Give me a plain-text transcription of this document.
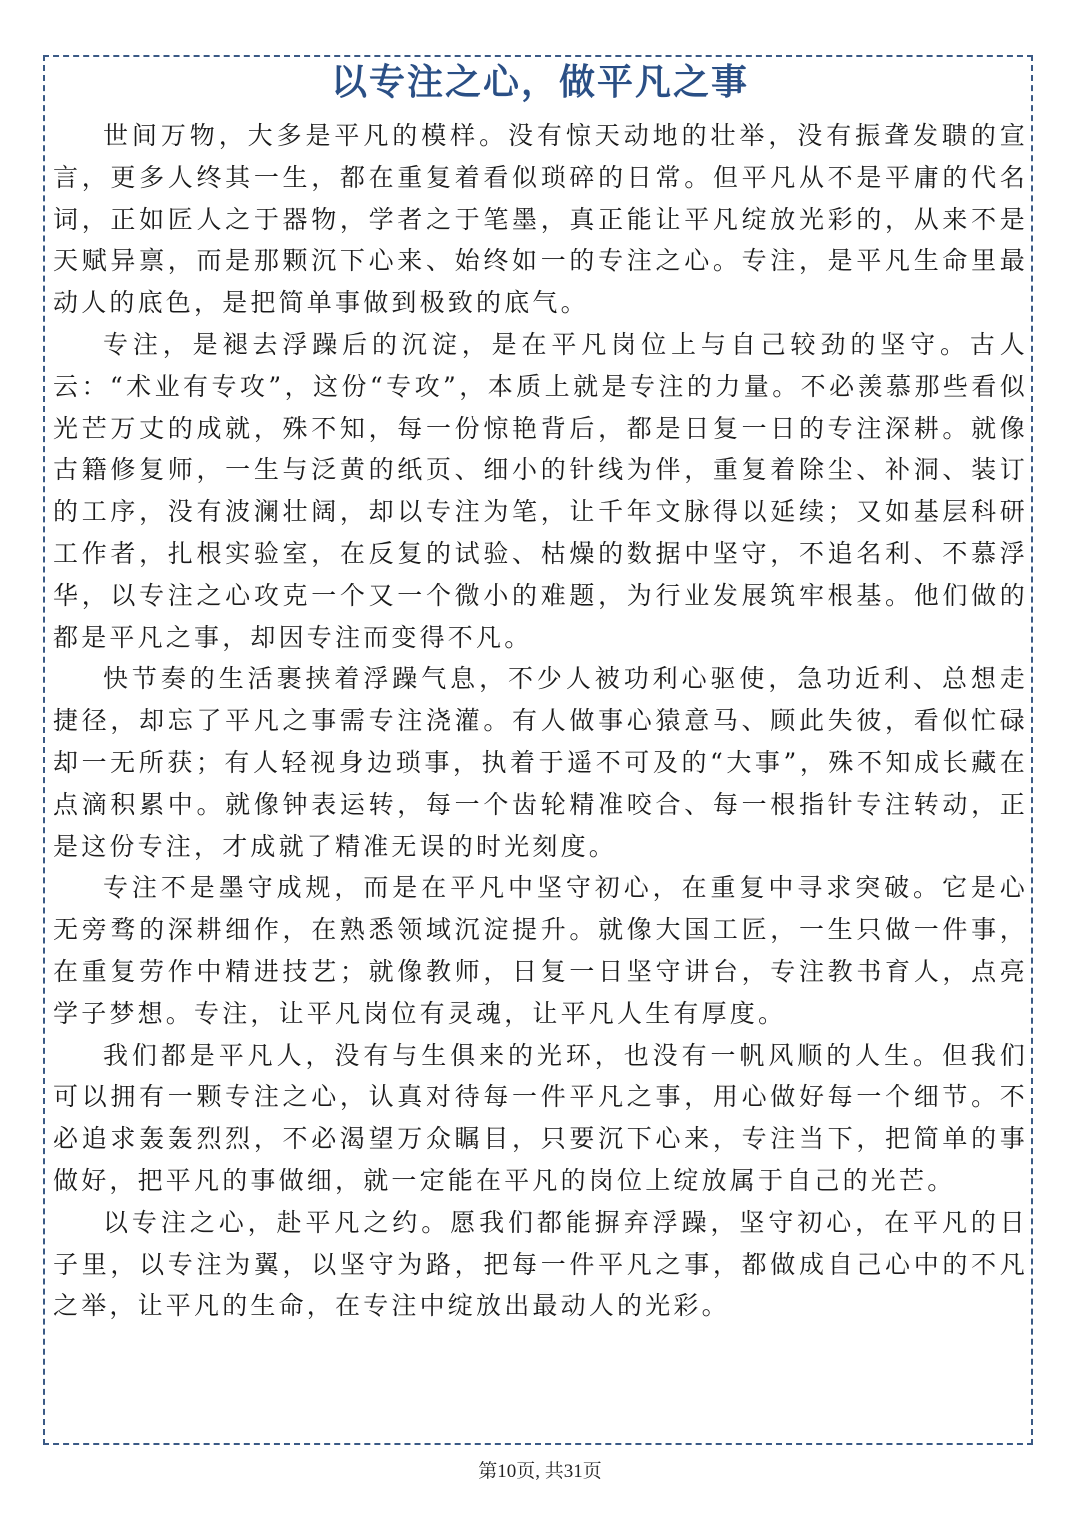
以专注之心，做平凡之事

世间万物，大多是平凡的模样。没有惊天动地的壮举，没有振聋发聩的宣言，更多人终其一生，都在重复着看似琐碎的日常。但平凡从不是平庸的代名词，正如匠人之于器物，学者之于笔墨，真正能让平凡绽放光彩的，从来不是天赋异禀，而是那颗沉下心来、始终如一的专注之心。专注，是平凡生命里最动人的底色，是把简单事做到极致的底气。

专注，是褪去浮躁后的沉淀，是在平凡岗位上与自己较劲的坚守。古人云：“术业有专攻”，这份“专攻”，本质上就是专注的力量。不必羡慕那些看似光芒万丈的成就，殊不知，每一份惊艳背后，都是日复一日的专注深耕。就像古籍修复师，一生与泛黄的纸页、细小的针线为伴，重复着除尘、补洞、装订的工序，没有波澜壮阔，却以专注为笔，让千年文脉得以延续；又如基层科研工作者，扎根实验室，在反复的试验、枯燥的数据中坚守，不追名利、不慕浮华，以专注之心攻克一个又一个微小的难题，为行业发展筑牢根基。他们做的都是平凡之事，却因专注而变得不凡。

快节奏的生活裹挟着浮躁气息，不少人被功利心驱使，急功近利、总想走捷径，却忘了平凡之事需专注浇灌。有人做事心猿意马、顾此失彼，看似忙碌却一无所获；有人轻视身边琐事，执着于遥不可及的“大事”，殊不知成长藏在点滴积累中。就像钟表运转，每一个齿轮精准咬合、每一根指针专注转动，正是这份专注，才成就了精准无误的时光刻度。

专注不是墨守成规，而是在平凡中坚守初心，在重复中寻求突破。它是心无旁骛的深耕细作，在熟悉领域沉淀提升。就像大国工匠，一生只做一件事，在重复劳作中精进技艺；就像教师，日复一日坚守讲台，专注教书育人，点亮学子梦想。专注，让平凡岗位有灵魂，让平凡人生有厚度。

我们都是平凡人，没有与生俱来的光环，也没有一帆风顺的人生。但我们可以拥有一颗专注之心，认真对待每一件平凡之事，用心做好每一个细节。不必追求轰轰烈烈，不必渴望万众瞩目，只要沉下心来，专注当下，把简单的事做好，把平凡的事做细，就一定能在平凡的岗位上绽放属于自己的光芒。

以专注之心，赴平凡之约。愿我们都能摒弃浮躁，坚守初心，在平凡的日子里，以专注为翼，以坚守为路，把每一件平凡之事，都做成自己心中的不凡之举，让平凡的生命，在专注中绽放出最动人的光彩。

第10页, 共31页
